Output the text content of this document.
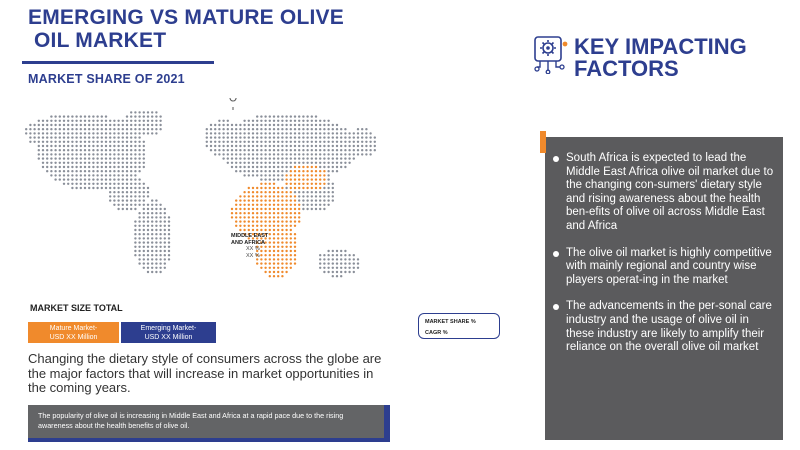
EMERGING VS MATURE OLIVE
OIL MARKET
MARKET SHARE OF 2021
KEY IMPACTING
FACTORS
MIDDLE EAST
AND AFRICA
XX %
XX %
MARKET SIZE TOTAL
Mature Market-
USD XX Million
Emerging Market-
USD XX Million
MARKET SHARE %
CAGR %
Changing the dietary style of consumers across the globe are the major factors that will increase in market opportunities in the coming years.
The popularity of olive oil is increasing in Middle East and Africa at a rapid pace due to the rising awareness about the health benefits of olive oil.
South Africa is expected to lead the Middle East Africa olive oil market due to the changing con-sumers' dietary style and rising awareness about the health ben-efits of olive oil across Middle East and Africa
The olive oil market is highly competitive with mainly regional and country wise players operat-ing in the market
The advancements in the per-sonal care industry and the usage of olive oil in these industry are likely to amplify their reliance on the overall olive oil market
